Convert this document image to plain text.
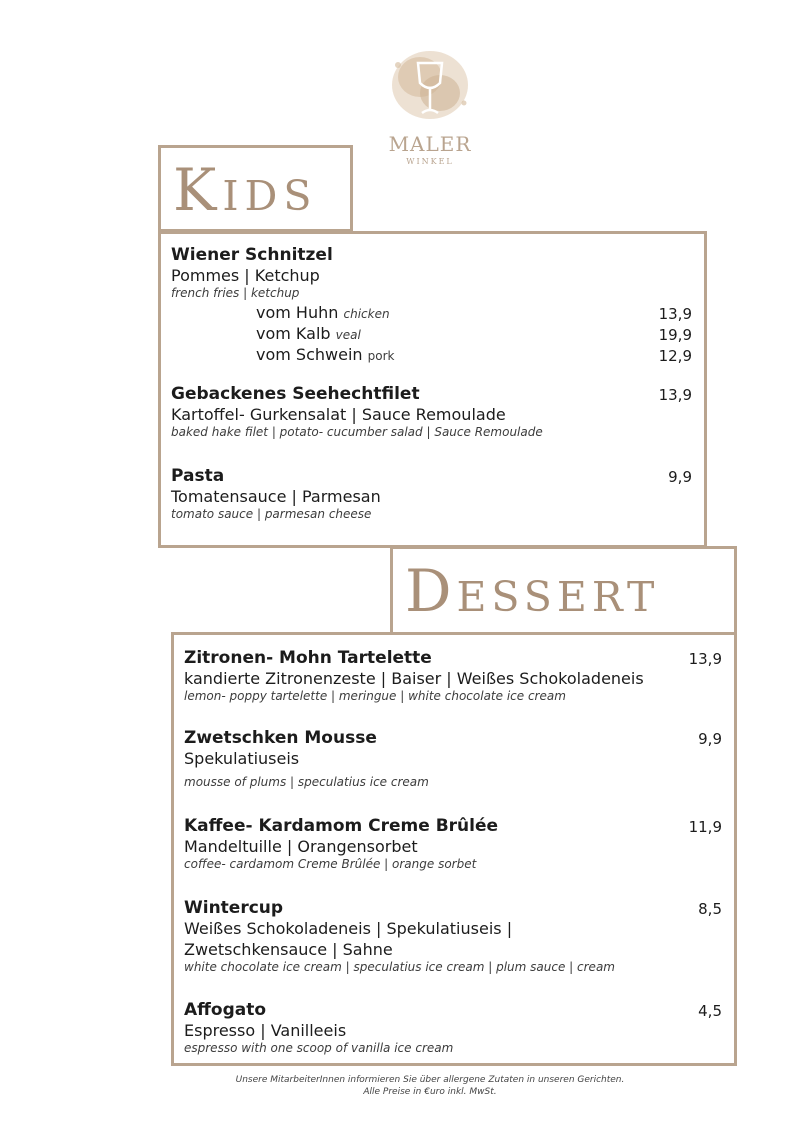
MALER
WINKEL
Kids
Wiener Schnitzel
Pommes | Ketchup
french fries | ketchup
vom Huhn chicken	13,9
vom Kalb veal	19,9
vom Schwein pork	12,9
Gebackenes Seehechtfilet	13,9
Kartoffel- Gurkensalat | Sauce Remoulade
baked hake filet | potato- cucumber salad | Sauce Remoulade
Pasta	9,9
Tomatensauce | Parmesan
tomato sauce | parmesan cheese
Dessert
Zitronen- Mohn Tartelette	13,9
kandierte Zitronenzeste | Baiser | Weißes Schokoladeneis
lemon- poppy tartelette | meringue | white chocolate ice cream
Zwetschken Mousse	9,9
Spekulatiuseis
mousse of plums | speculatius ice cream
Kaffee- Kardamom Creme Brûlée	11,9
Mandeltuille | Orangensorbet
coffee- cardamom Creme Brûlée | orange sorbet
Wintercup	8,5
Weißes Schokoladeneis | Spekulatiuseis |
Zwetschkensauce | Sahne
white chocolate ice cream | speculatius ice cream | plum sauce | cream
Affogato	4,5
Espresso | Vanilleeis
espresso with one scoop of vanilla ice cream
Unsere MitarbeiterInnen informieren Sie über allergene Zutaten in unseren Gerichten.
Alle Preise in €uro inkl. MwSt.
